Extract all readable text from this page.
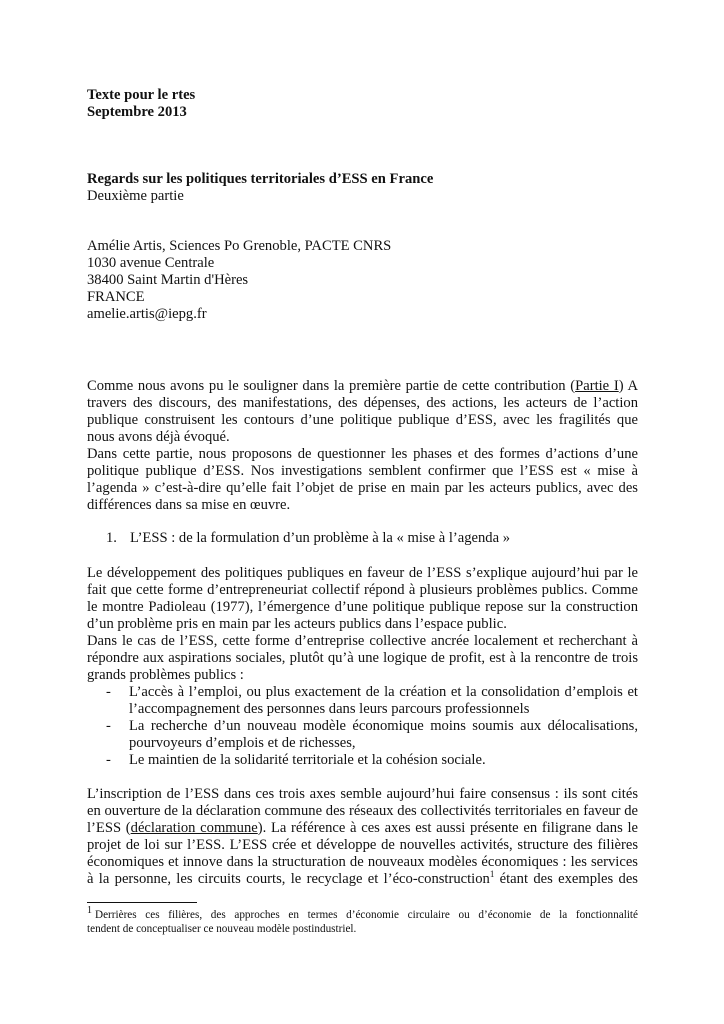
Texte pour le rtes
Septembre 2013
Regards sur les politiques territoriales d’ESS en France
Deuxième partie
Amélie Artis, Sciences Po Grenoble, PACTE CNRS
1030 avenue Centrale
38400 Saint Martin d'Hères
FRANCE
amelie.artis@iepg.fr
Comme nous avons pu le souligner dans la première partie de cette contribution (Partie I) A
travers des discours, des manifestations, des dépenses, des actions, les acteurs de l’action
publique construisent les contours d’une politique publique d’ESS, avec les fragilités que
nous avons déjà évoqué.
Dans cette partie, nous proposons de questionner les phases et des formes d’actions d’une
politique publique d’ESS. Nos investigations semblent confirmer que l’ESS est « mise à
l’agenda » c’est-à-dire qu’elle fait l’objet de prise en main par les acteurs publics, avec des
différences dans sa mise en œuvre.
1. L’ESS : de la formulation d’un problème à la « mise à l’agenda »
Le développement des politiques publiques en faveur de l’ESS s’explique aujourd’hui par le
fait que cette forme d’entrepreneuriat collectif répond à plusieurs problèmes publics. Comme
le montre Padioleau (1977), l’émergence d’une politique publique repose sur la construction
d’un problème pris en main par les acteurs publics dans l’espace public.
Dans le cas de l’ESS, cette forme d’entreprise collective ancrée localement et recherchant à
répondre aux aspirations sociales, plutôt qu’à une logique de profit, est à la rencontre de trois
grands problèmes publics :
- L’accès à l’emploi, ou plus exactement de la création et la consolidation d’emplois et
l’accompagnement des personnes dans leurs parcours professionnels
- La recherche d’un nouveau modèle économique moins soumis aux délocalisations,
pourvoyeurs d’emplois et de richesses,
- Le maintien de la solidarité territoriale et la cohésion sociale.
L’inscription de l’ESS dans ces trois axes semble aujourd’hui faire consensus : ils sont cités
en ouverture de la déclaration commune des réseaux des collectivités territoriales en faveur de
l’ESS (déclaration commune). La référence à ces axes est aussi présente en filigrane dans le
projet de loi sur l’ESS. L’ESS crée et développe de nouvelles activités, structure des filières
économiques et innove dans la structuration de nouveaux modèles économiques : les services
à la personne, les circuits courts, le recyclage et l’éco-construction$^1$ étant des exemples des
1 Derrières ces filières, des approches en termes d’économie circulaire ou d’économie de la fonctionnalité
tendent de conceptualiser ce nouveau modèle postindustriel.
